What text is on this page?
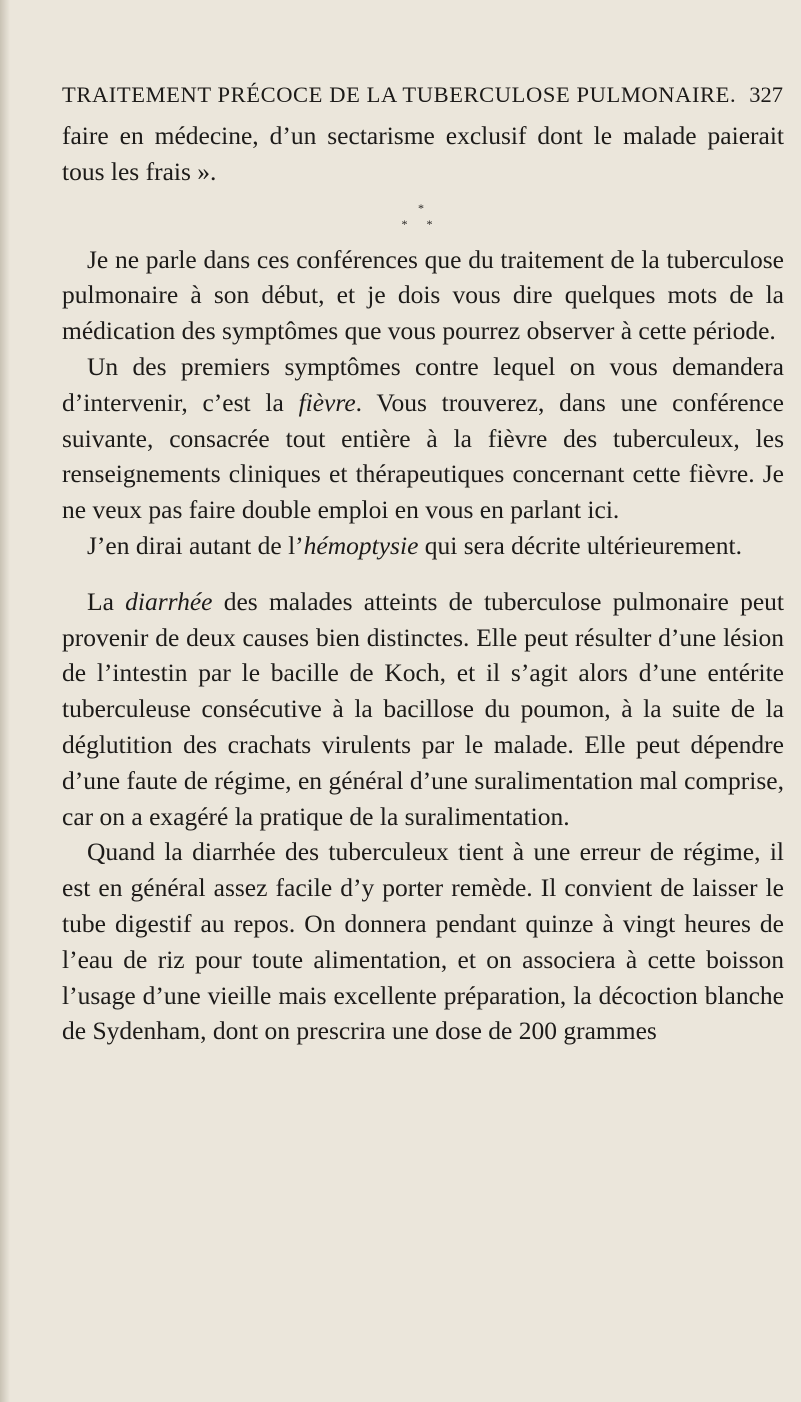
TRAITEMENT PRÉCOCE DE LA TUBERCULOSE PULMONAIRE. 327

faire en médecine, d’un sectarisme exclusif dont le malade paierait tous les frais ».

*
* *

Je ne parle dans ces conférences que du traitement de la tuberculose pulmonaire à son début, et je dois vous dire quelques mots de la médication des symptômes que vous pourrez observer à cette période.

Un des premiers symptômes contre lequel on vous demandera d’intervenir, c’est la fièvre. Vous trouverez, dans une conférence suivante, consacrée tout entière à la fièvre des tuberculeux, les renseignements cliniques et thérapeutiques concernant cette fièvre. Je ne veux pas faire double emploi en vous en parlant ici.

J’en dirai autant de l’hémoptysie qui sera décrite ultérieurement.

La diarrhée des malades atteints de tuberculose pulmonaire peut provenir de deux causes bien distinctes. Elle peut résulter d’une lésion de l’intestin par le bacille de Koch, et il s’agit alors d’une entérite tuberculeuse consécutive à la bacillose du poumon, à la suite de la déglutition des crachats virulents par le malade. Elle peut dépendre d’une faute de régime, en général d’une suralimentation mal comprise, car on a exagéré la pratique de la suralimentation.

Quand la diarrhée des tuberculeux tient à une erreur de régime, il est en général assez facile d’y porter remède. Il convient de laisser le tube digestif au repos. On donnera pendant quinze à vingt heures de l’eau de riz pour toute alimentation, et on associera à cette boisson l’usage d’une vieille mais excellente préparation, la décoction blanche de Sydenham, dont on prescrira une dose de 200 grammes
